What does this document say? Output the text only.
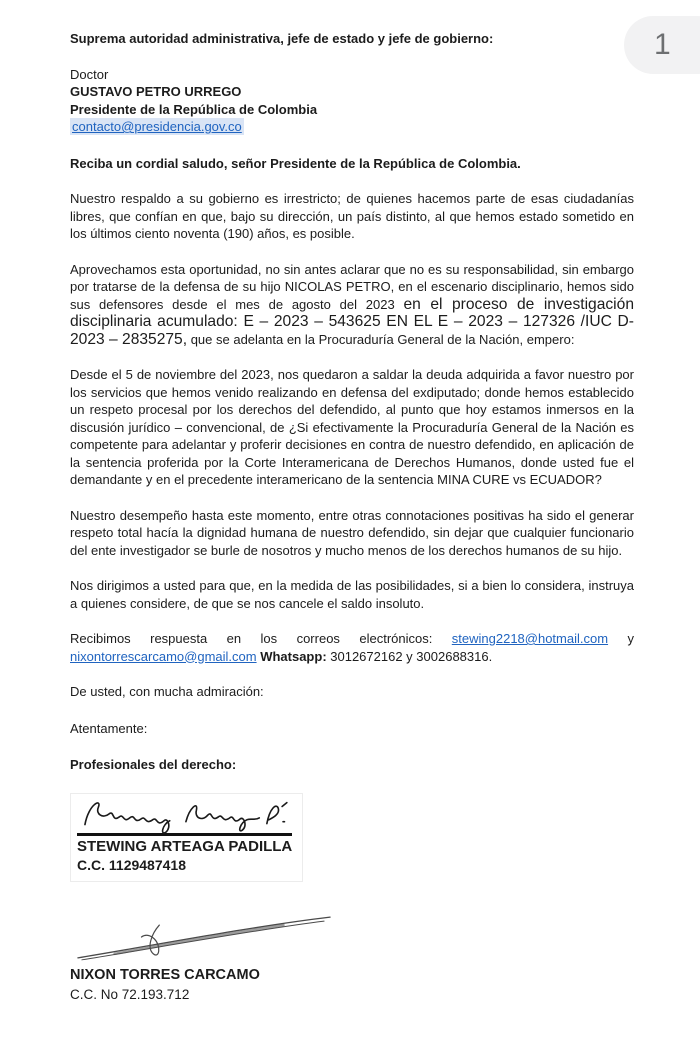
1

Suprema autoridad administrativa, jefe de estado y jefe de gobierno:

Doctor

GUSTAVO PETRO URREGO

Presidente de la República de Colombia

contacto@presidencia.gov.co

Reciba un cordial saludo, señor Presidente de la República de Colombia.

Nuestro respaldo a su gobierno es irrestricto; de quienes hacemos parte de esas ciudadanías libres, que confían en que, bajo su dirección, un país distinto, al que hemos estado sometido en los últimos ciento noventa (190) años, es posible.

Aprovechamos esta oportunidad, no sin antes aclarar que no es su responsabilidad, sin embargo por tratarse de la defensa de su hijo NICOLAS PETRO, en el escenario disciplinario, hemos sido sus defensores desde el mes de agosto del 2023 en el proceso de investigación disciplinaria acumulado: E – 2023 – 543625 EN EL E – 2023 – 127326 /IUC D- 2023 – 2835275, que se adelanta en la Procuraduría General de la Nación, empero:

Desde el 5 de noviembre del 2023, nos quedaron a saldar la deuda adquirida a favor nuestro por los servicios que hemos venido realizando en defensa del exdiputado; donde hemos establecido un respeto procesal por los derechos del defendido, al punto que hoy estamos inmersos en la discusión jurídico – convencional, de ¿Si efectivamente la Procuraduría General de la Nación es competente para adelantar y proferir decisiones en contra de nuestro defendido, en aplicación de la sentencia proferida por la Corte Interamericana de Derechos Humanos, donde usted fue el demandante y en el precedente interamericano de la sentencia MINA CURE vs ECUADOR?

Nuestro desempeño hasta este momento, entre otras connotaciones positivas ha sido el generar respeto total hacía la dignidad humana de nuestro defendido, sin dejar que cualquier funcionario del ente investigador se burle de nosotros y mucho menos de los derechos humanos de su hijo.

Nos dirigimos a usted para que, en la medida de las posibilidades, si a bien lo considera, instruya a quienes considere, de que se nos cancele el saldo insoluto.

Recibimos respuesta en los correos electrónicos: stewing2218@hotmail.com y nixontorrescarcamo@gmail.com Whatsapp: 3012672162 y 3002688316.

De usted, con mucha admiración:

Atentamente:

Profesionales del derecho:

STEWING ARTEAGA PADILLA

C.C. 1129487418

NIXON TORRES CARCAMO

C.C. No 72.193.712
